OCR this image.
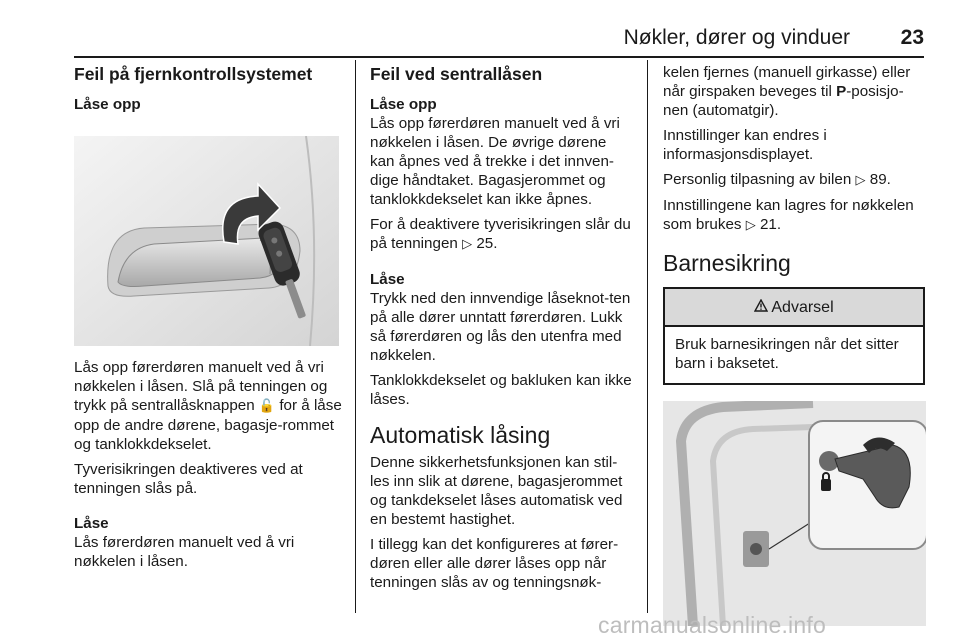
Nøkler, dører og vinduer 23
Feil på fjernkontrollsystemet
Låse opp

Lås opp førerdøren manuelt ved å vri nøkkelen i låsen. Slå på tenningen og trykk på sentrallåsknappen 🔓 for å låse opp de andre dørene, bagasje-rommet og tanklokkdekselet.

Tyverisikringen deaktiveres ved at tenningen slås på.

Låse

Lås førerdøren manuelt ved å vri nøkkelen i låsen.

Feil ved sentrallåsen
Låse opp

Lås opp førerdøren manuelt ved å vri nøkkelen i låsen. De øvrige dørene kan åpnes ved å trekke i det innven-dige håndtaket. Bagasjerommet og tanklokkdekselet kan ikke åpnes.

For å deaktivere tyverisikringen slår du på tenningen ▷ 25.

Låse

Trykk ned den innvendige låseknot-ten på alle dører unntatt førerdøren. Lukk så førerdøren og lås den utenfra med nøkkelen.

Tanklokkdekselet og bakluken kan ikke låses.

Automatisk låsing

Denne sikkerhetsfunksjonen kan stil-les inn slik at dørene, bagasjerommet og tankdekselet låses automatisk ved en bestemt hastighet.

I tillegg kan det konfigureres at fører-døren eller alle dører låses opp når tenningen slås av og tenningsnøk-

kelen fjernes (manuell girkasse) eller når girspaken beveges til P-posisjo-nen (automatgir).

Innstillinger kan endres i informasjonsdisplayet.

Personlig tilpasning av bilen ▷ 89.

Innstillingene kan lagres for nøkkelen som brukes ▷ 21.

Barnesikring
Advarsel
Bruk barnesikringen når det sitter barn i baksetet.
carmanualsonline.info
